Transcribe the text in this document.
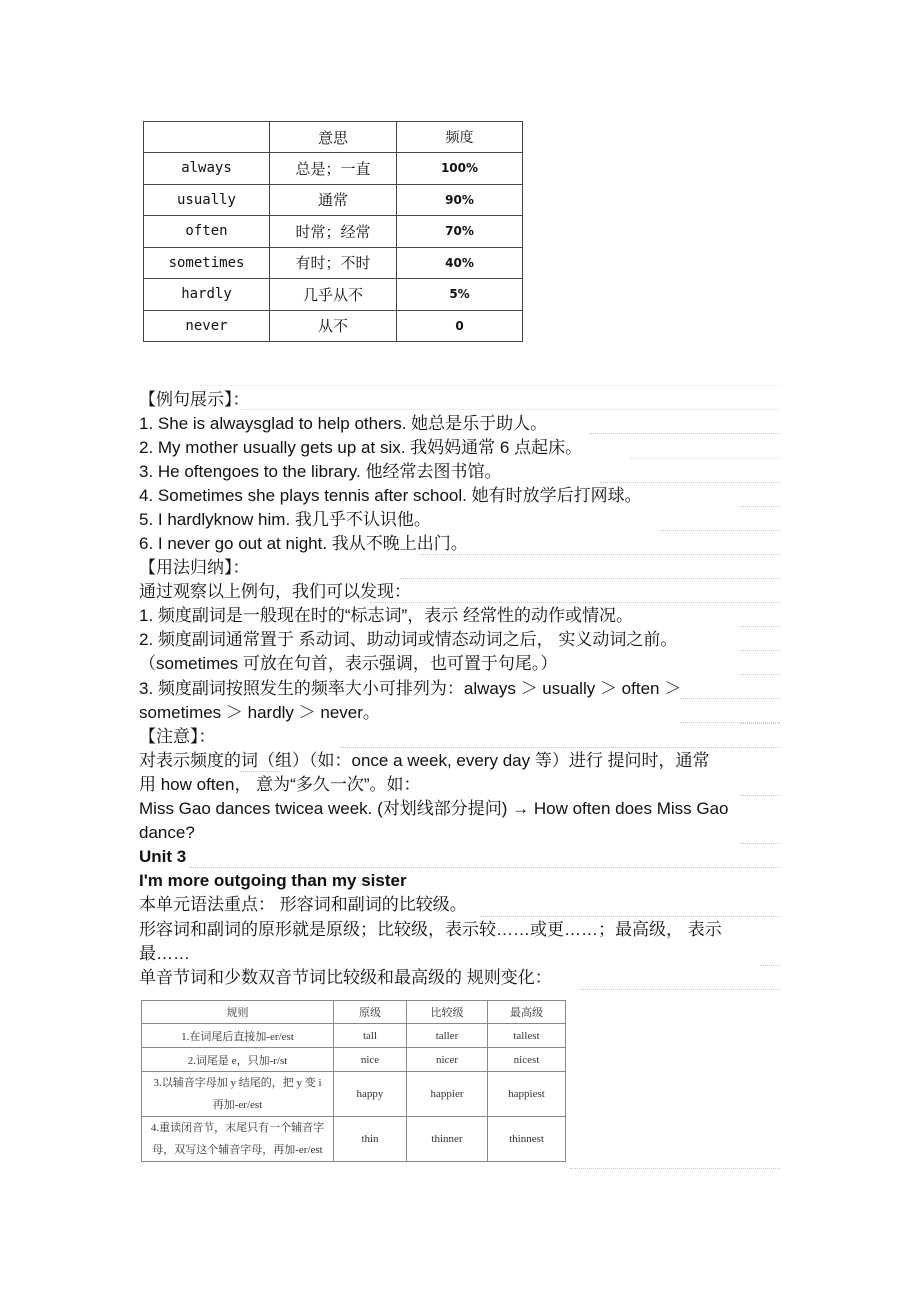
	意思	频度
always	总是；一直	100%
usually	通常	90%
often	时常；经常	70%
sometimes	有时；不时	40%
hardly	几乎从不	5%
never	从不	0
【例句展示】：
1. She is alwaysglad to help others. 她总是乐于助人。
2. My mother usually gets up at six. 我妈妈通常 6 点起床。
3. He oftengoes to the library. 他经常去图书馆。
4. Sometimes she plays tennis after school. 她有时放学后打网球。
5. I hardlyknow him. 我几乎不认识他。
6. I never go out at night. 我从不晚上出门。
【用法归纳】：
通过观察以上例句，我们可以发现：
1. 频度副词是一般现在时的“标志词”，表示 经常性的动作或情况。
2. 频度副词通常置于 系动词、助动词或情态动词之后， 实义动词之前。
（sometimes 可放在句首，表示强调，也可置于句尾。）
3. 频度副词按照发生的频率大小可排列为：always ＞ usually ＞ often ＞
sometimes ＞ hardly ＞ never。
【注意】：
对表示频度的词（组）（如：once a week, every day 等）进行 提问时，通常
用 how often， 意为“多久一次”。如：
Miss Gao dances twicea week. (对划线部分提问) → How often does Miss Gao
dance?
Unit 3
I'm more outgoing than my sister
本单元语法重点： 形容词和副词的比较级。
形容词和副词的原形就是原级；比较级，表示较……或更……；最高级， 表示
最……
单音节词和少数双音节词比较级和最高级的 规则变化：
规则	原级	比较级	最高级
1.在词尾后直接加-er/est	tall	taller	tallest
2.词尾是 e，只加-r/st	nice	nicer	nicest

3.以辅音字母加 y 结尾的，把 y 变 i
再加-er/est	happy	happier	happiest

4.重读闭音节，末尾只有一个辅音字
母，双写这个辅音字母，再加-er/est	thin	thinner	thinnest
